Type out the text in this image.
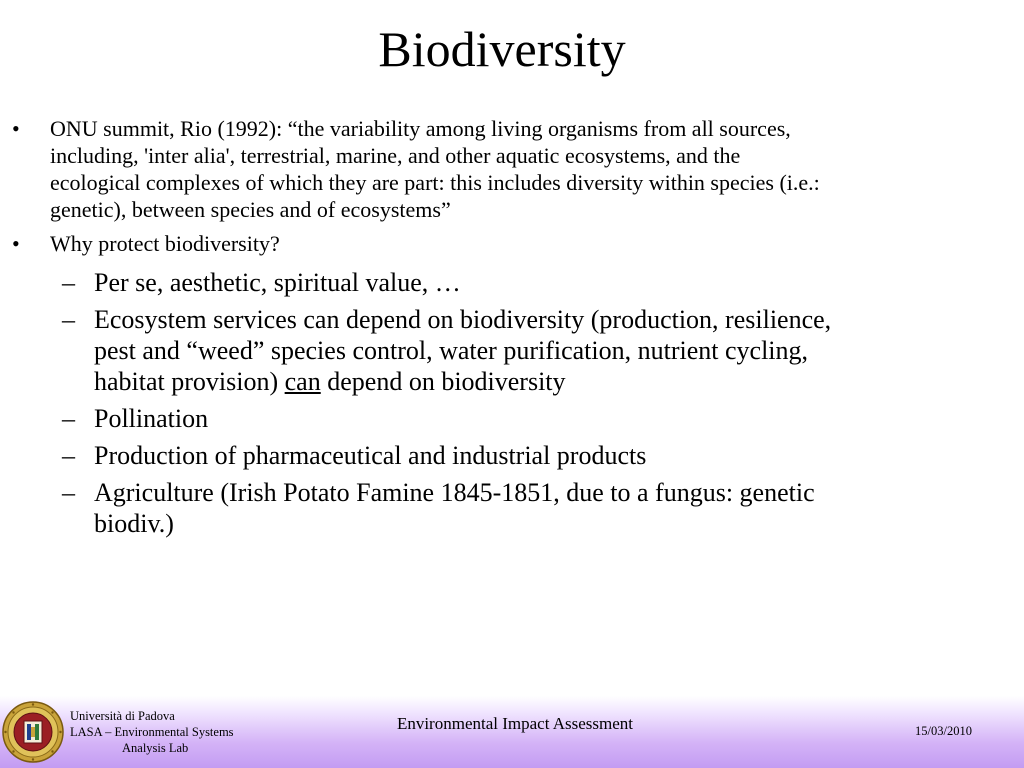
Biodiversity
• ONU summit, Rio (1992): “the variability among living organisms from all sources, including, 'inter alia', terrestrial, marine, and other aquatic ecosystems, and the ecological complexes of which they are part: this includes diversity within species (i.e.: genetic), between species and of ecosystems”
• Why protect biodiversity?
– Per se, aesthetic, spiritual value, …
– Ecosystem services can depend on biodiversity (production, resilience, pest and “weed” species control, water purification, nutrient cycling, habitat provision) can depend on biodiversity
– Pollination
– Production of pharmaceutical and industrial products
– Agriculture (Irish Potato Famine 1845-1851, due to a fungus: genetic biodiv.)
Università di Padova
LASA – Environmental Systems
Analysis Lab
Environmental Impact Assessment	15/03/2010
